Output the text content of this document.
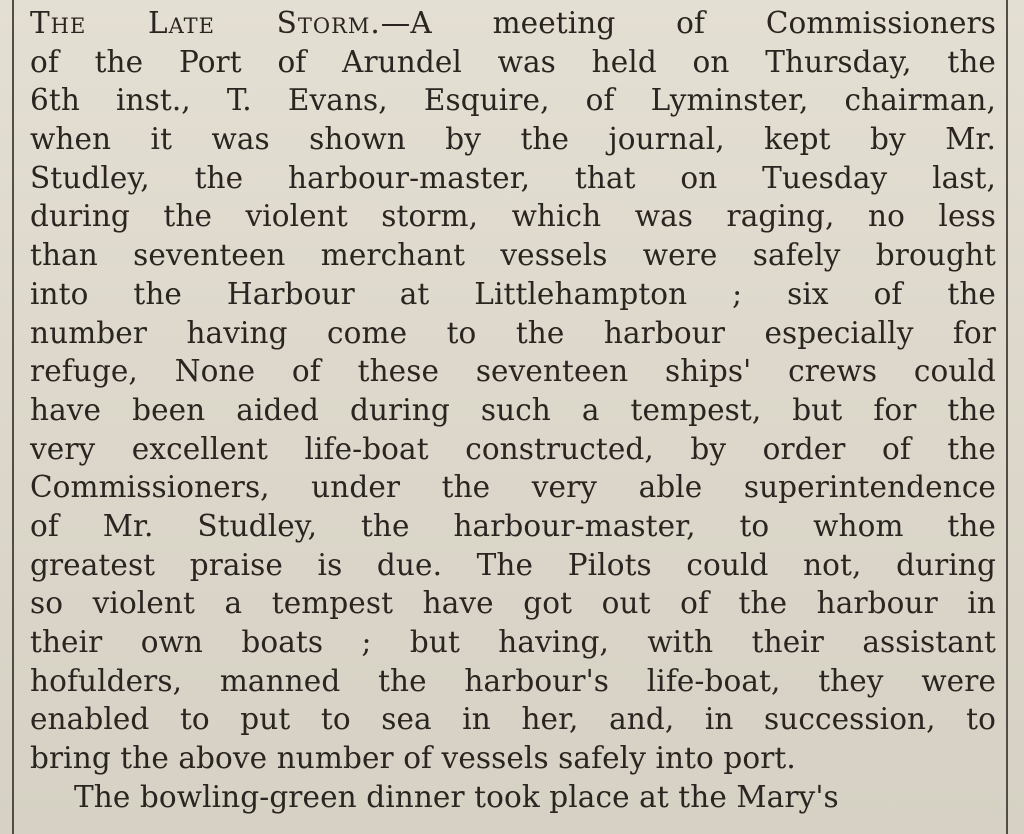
The Late Storm.—A meeting of Commissioners
of the Port of Arundel was held on Thursday, the
6th inst., T. Evans, Esquire, of Lyminster, chairman,
when it was shown by the journal, kept by Mr.
Studley, the harbour-master, that on Tuesday last,
during the violent storm, which was raging, no less
than seventeen merchant vessels were safely brought
into the Harbour at Littlehampton ; six of the
number having come to the harbour especially for
refuge, None of these seventeen ships' crews could
have been aided during such a tempest, but for the
very excellent life-boat constructed, by order of the
Commissioners, under the very able superintendence
of Mr. Studley, the harbour-master, to whom the
greatest praise is due. The Pilots could not, during
so violent a tempest have got out of the harbour in
their own boats ; but having, with their assistant
hofulders, manned the harbour's life-boat, they were
enabled to put to sea in her, and, in succession, to
bring the above number of vessels safely into port.
The bowling-green dinner took place at the Mary's
